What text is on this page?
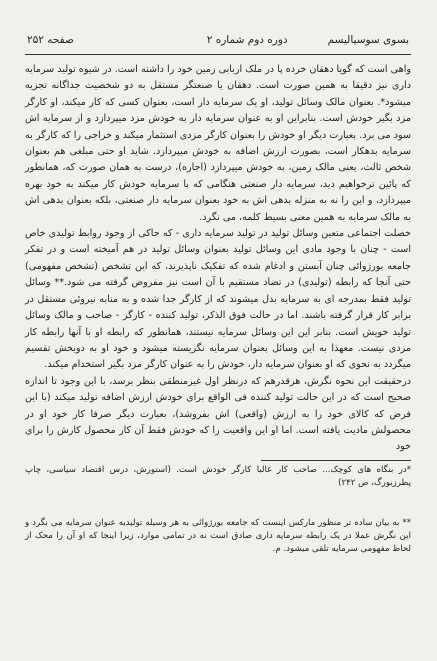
بسوی سوسیالیسم
دوره دوم شماره ۲
صفحه ۲۵۲

واهی است که گویا دهقان خرده پا در ملک اربابی زمین خود را داشته است. در شیوه تولید سرمایه داری نیز دقیقا به همین صورت است. دهقان یا صنعتگر مستقل به دو شخصیت جداگانه تجزیه میشود*. بعنوان مالک وسائل تولید، او یک سرمایه دار است، بعنوان کسی که کار میکند، او کارگر مزد بگیر خودش است. بنابراین او به عنوان سرمایه دار به خودش مزد میپردازد و از سرمایه اش سود می برد. بعبارت دیگر او خودش را بعنوان کارگر مزدی استثمار میکند و خراجی را که کارگر به سرمایه بدهکار است، بصورت ارزش اضافه به خودش میپردازد. شاید او حتی مبلغی هم بعنوان شخص ثالث، یعنی مالک زمین، به خودش میپردازد (اجاره)، درست به همان صورت که، همانطور که پائین ترخواهیم دید، سرمایه دار صنعتی هنگامی که با سرمایه خودش کار میکند به خود بهره میپردازد، و این را نه به منزله بدهی اش به خود بعنوان سرمایه دار صنعتی، بلکه بعنوان بدهی اش به مالک سرمایه به همین معنی بسیط کلمه، می نگرد.

خصلت اجتماعی متعین وسائل تولید در تولید سرمایه داری - که حاکی از وجود روابط تولیدی خاص است - چنان با وجود مادی این وسائل تولید بعنوان وسائل تولید در هم آمیخته است و در تفکر جامعه بورژوائی چنان آبستن و ادغام شده که تفکیک ناپذیرند، که این تشخص (تشخص مفهومی) حتی آنجا که رابطه (تولیدی) در تضاد مستقیم با آن است نیز مفروض گرفته می شود.** وسائل تولید فقط بمدرجه ای به سرمایه بدل میشوند که از کارگر جدا شده و به منابه نیروئی مستقل در برابر کار قرار گرفته باشند. اما در حالت فوق الذکر، تولید کننده - کارگر - صاحب و مالک وسائل تولید خویش است. بنابر این این وسائل سرمایه نیستند، همانطور که رابطه او با آنها رابطه کار مزدی نیست. معهذا به این وسائل بعنوان سرمایه نگریسته میشود و خود او به دوبخش تقسیم میگردد به نحوی که او بعنوان سرمایه دار، خودش را به عنوان کارگر مزد بگیر استخدام میکند.

درحقیقت این نحوه نگرش، هرقدرهم که درنظر اول غیرمنطقی بنظر برسد، با این وجود تا اندازه صحیح است که در این حالت تولید کننده فی الواقع برای خودش ارزش اضافه تولید میکند (با این فرض که کالای خود را به ارزش (واقعی) اش بفروشد)، بعبارت دیگر صرفا کار خود او در محصولش مادیت یافته است. اما او این واقعیت را که خودش فقط آن کار محصول کارش را برای خود

*در بنگاه های کوچک... صاحب کار غالبا کارگر خودش است. (استورش، درس اقتصاد سیاسی، چاپ پطرزبورگ، ص ۲۴۲)

** به بیان ساده تر منظور مارکس اینست که جامعه بورژوائی به هر وسیله تولیدیه عنوان سرمایه می نگرد و این نگرش عملا در یک رابطه سرمایه داری صادق است نه در تمامی موارد، زیرا اینجا که او آن را محک از لحاظ مفهومی سرمایه تلقی میشود. م.
